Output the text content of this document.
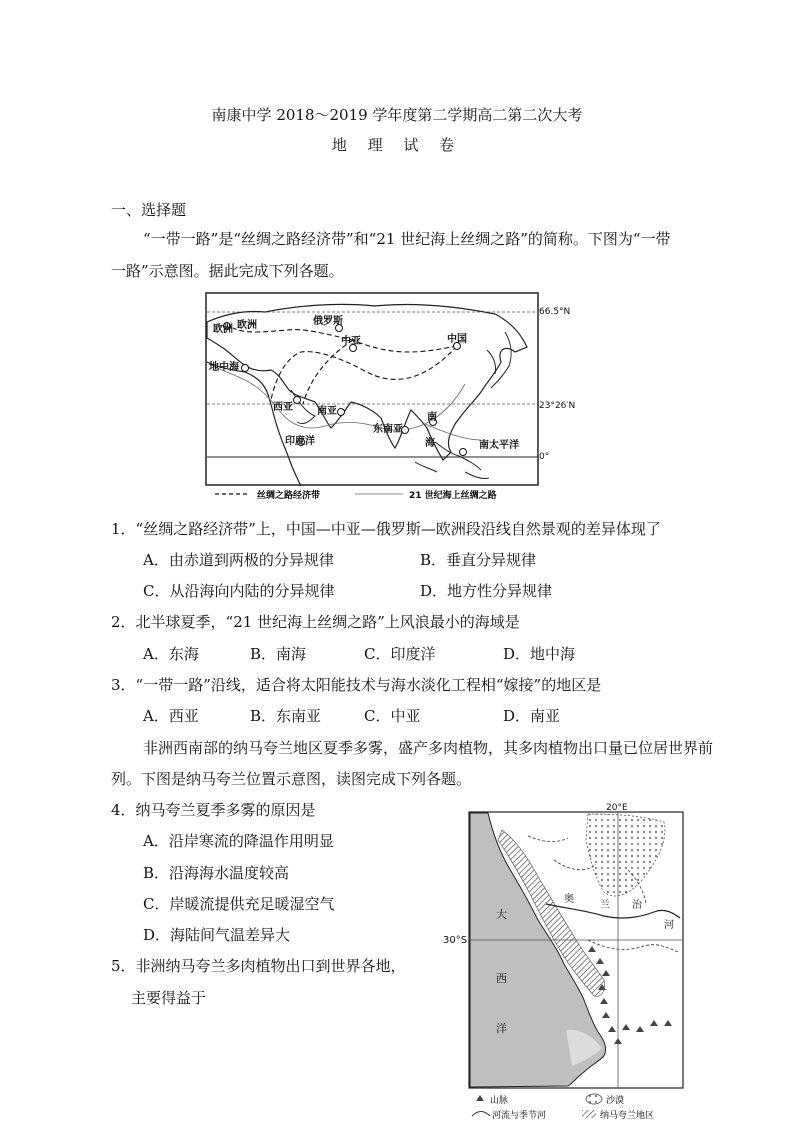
南康中学 2018～2019 学年度第二学期高二第二次大考
地 理 试 卷
一、选择题
“一带一路”是“丝绸之路经济带”和“21 世纪海上丝绸之路”的简称。下图为“一带
一路”示意图。据此完成下列各题。
俄罗斯
欧洲 欧洲
中亚	中国
地中海
西亚 南亚
东南亚
南
海
印度洋	南太平洋
66.5°N
23°26′N
0°
丝绸之路经济带	21 世纪海上丝绸之路
1．“丝绸之路经济带”上，中国—中亚—俄罗斯—欧洲段沿线自然景观的差异体现了
A．由赤道到两极的分异规律	B．垂直分异规律
C．从沿海向内陆的分异规律	D．地方性分异规律
2．北半球夏季，“21 世纪海上丝绸之路”上风浪最小的海域是
A．东海	B．南海	C．印度洋	D．地中海
3．“一带一路”沿线，适合将太阳能技术与海水淡化工程相“嫁接”的地区是
A．西亚	B．东南亚	C．中亚	D．南亚
非洲西南部的纳马夸兰地区夏季多雾，盛产多肉植物，其多肉植物出口量已位居世界前
列。下图是纳马夸兰位置示意图，读图完成下列各题。
4．纳马夸兰夏季多雾的原因是
A．沿岸寒流的降温作用明显
B．沿海海水温度较高
C．岸暖流提供充足暖湿空气
D．海陆间气温差异大
5．非洲纳马夸兰多肉植物出口到世界各地，
主要得益于
20°E
大
西
洋
奥
兰 治
河
山脉	沙漠
河流与季节河	纳马夸兰地区
30°S
